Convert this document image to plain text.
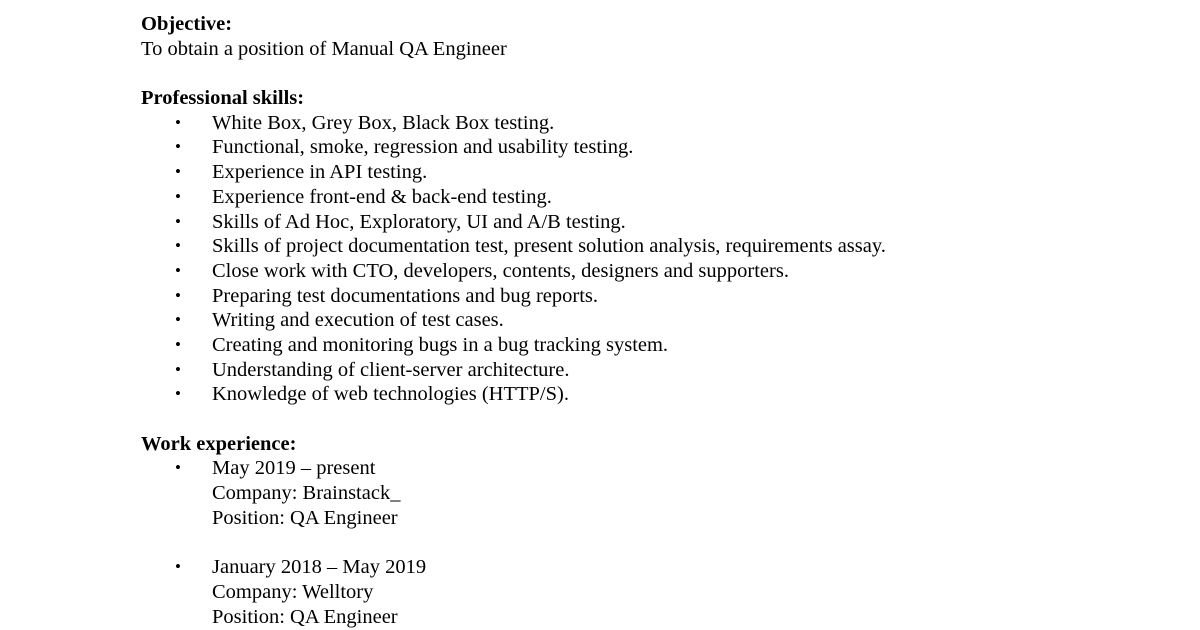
Objective:
To obtain a position of Manual QA Engineer
Professional skills:
• White Box, Grey Box, Black Box testing.
• Functional, smoke, regression and usability testing.
• Experience in API testing.
• Experience front-end & back-end testing.
• Skills of Ad Hoc, Exploratory, UI and A/B testing.
• Skills of project documentation test, present solution analysis, requirements assay.
• Close work with CTO, developers, contents, designers and supporters.
• Preparing test documentations and bug reports.
• Writing and execution of test cases.
• Creating and monitoring bugs in a bug tracking system.
• Understanding of client-server architecture.
• Knowledge of web technologies (HTTP/S).
Work experience:
• May 2019 – present
Company: Brainstack_
Position: QA Engineer
• January 2018 – May 2019
Company: Welltory
Position: QA Engineer
